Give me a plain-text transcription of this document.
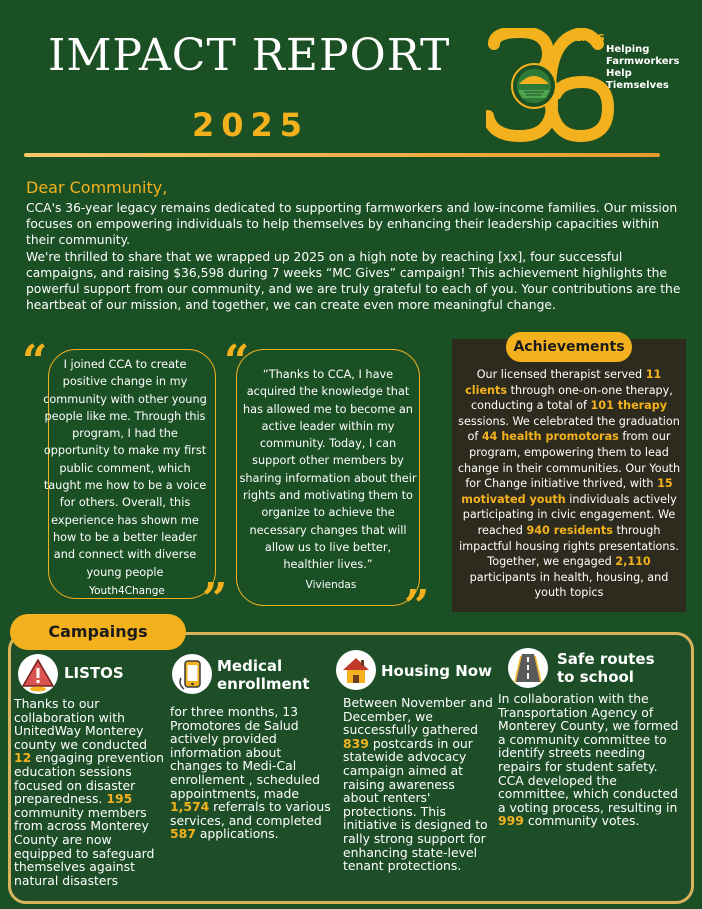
IMPACT REPORT
2025
YEARS
Helping
Farmworkers
Help
Tiemselves
Dear Community,

CCA's 36-year legacy remains dedicated to supporting farmworkers and low-income families. Our mission focuses on empowering individuals to help themselves by enhancing their leadership capacities within their community.

We're thrilled to share that we wrapped up 2025 on a high note by reaching [xx], four successful campaigns, and raising $36,598 during 7 weeks “MC Gives” campaign! This achievement highlights the powerful support from our community, and we are truly grateful to each of you. Your contributions are the heartbeat of our mission, and together, we can create even more meaningful change.

“
”
I joined CCA to create positive change in my community with other young people like me. Through this program, I had the opportunity to make my first public comment, which taught me how to be a voice for others. Overall, this experience has shown me how to be a better leader and connect with diverse young people
Youth4Change
“
”
“Thanks to CCA, I have acquired the knowledge that has allowed me to become an active leader within my community. Today, I can support other members by sharing information about their rights and motivating them to organize to achieve the necessary changes that will allow us to live better, healthier lives.”
Viviendas
Achievements
Our licensed therapist served 11 clients through one-on-one therapy, conducting a total of 101 therapy sessions. We celebrated the graduation of 44 health promotoras from our program, empowering them to lead change in their communities. Our Youth for Change initiative thrived, with 15 motivated youth individuals actively participating in civic engagement. We reached 940 residents through impactful housing rights presentations. Together, we engaged 2,110 participants in health, housing, and youth topics
Campaings
LISTOS
Thanks to our collaboration with UnitedWay Monterey county we conducted 12 engaging prevention education sessions focused on disaster preparedness. 195 community members from across Monterey County are now equipped to safeguard themselves against natural disasters
Medical enrollment
for three months, 13 Promotores de Salud actively provided information about changes to Medi-Cal enrollement , scheduled appointments, made 1,574 referrals to various services, and completed 587 applications.
Housing Now
Between November and December, we successfully gathered 839 postcards in our statewide advocacy campaign aimed at raising awareness about renters' protections. This initiative is designed to rally strong support for enhancing state-level tenant protections.
Safe routes to school
In collaboration with the Transportation Agency of Monterey County, we formed a community committee to identify streets needing repairs for student safety. CCA developed the committee, which conducted a voting process, resulting in 999 community votes.
